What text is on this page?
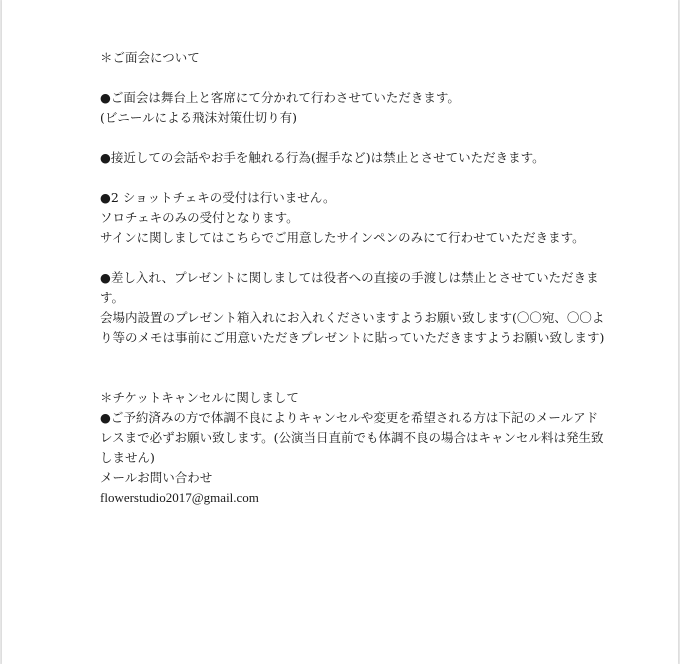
＊ご面会について
●ご面会は舞台上と客席にて分かれて行わさせていただきます。
(ビニールによる飛沫対策仕切り有)
●接近しての会話やお手を触れる行為(握手など)は禁止とさせていただきます。
●2 ショットチェキの受付は行いません。
ソロチェキのみの受付となります。
サインに関しましてはこちらでご用意したサインペンのみにて行わせていただきます。
●差し入れ、プレゼントに関しましては役者への直接の手渡しは禁止とさせていただきま
す。
会場内設置のプレゼント箱入れにお入れくださいますようお願い致します(〇〇宛、〇〇よ
り等のメモは事前にご用意いただきプレゼントに貼っていただきますようお願い致します)
＊チケットキャンセルに関しまして
●ご予約済みの方で体調不良によりキャンセルや変更を希望される方は下記のメールアド
レスまで必ずお願い致します。(公演当日直前でも体調不良の場合はキャンセル料は発生致
しません)
メールお問い合わせ
flowerstudio2017@gmail.com
